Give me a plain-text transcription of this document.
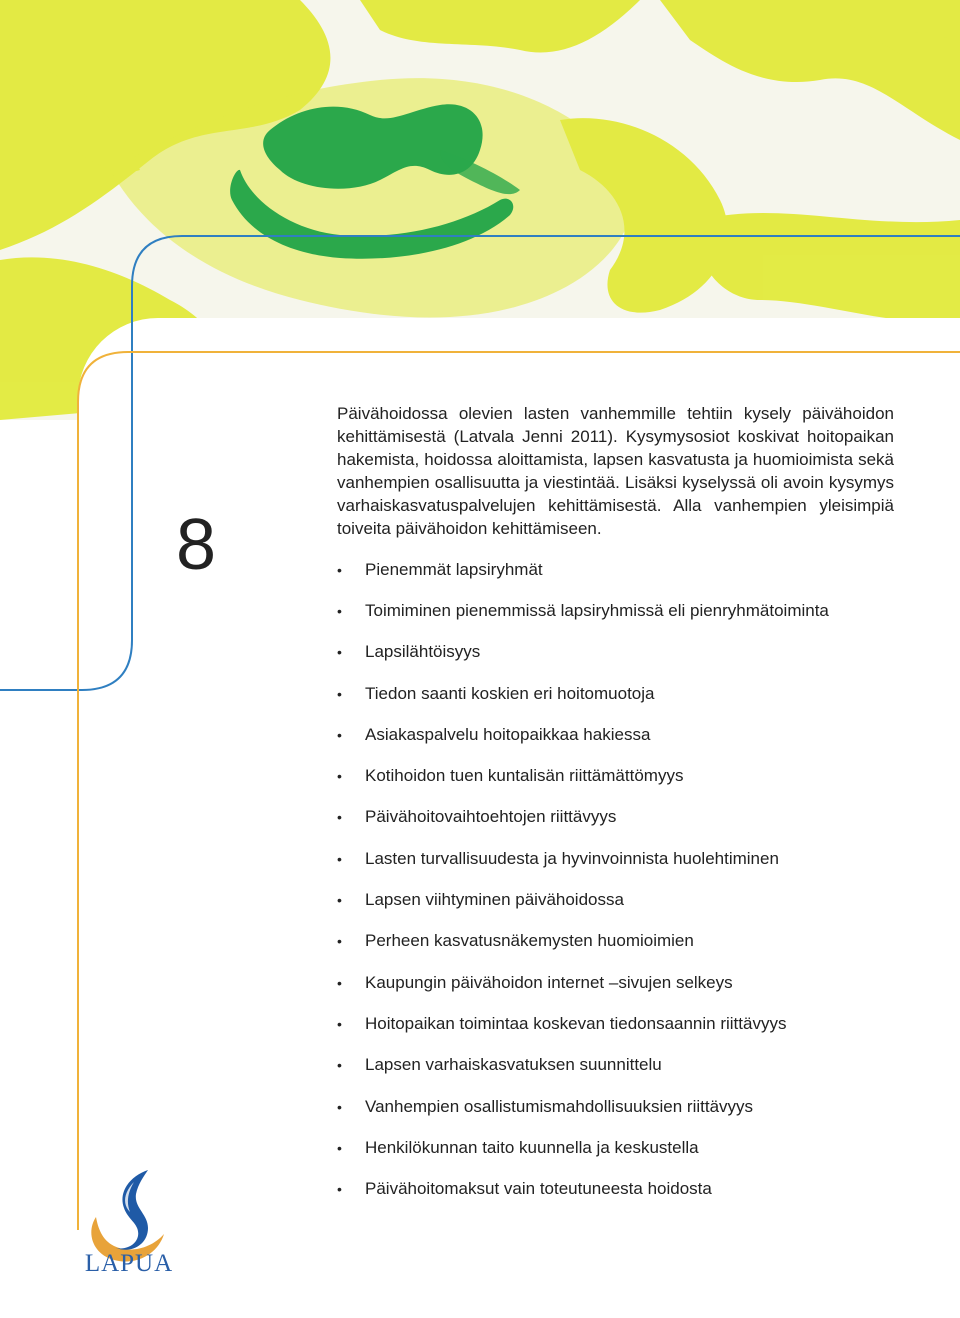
8

Päivähoidossa olevien lasten vanhemmille tehtiin kysely päivähoidon kehittämisestä (Latvala Jenni 2011). Kysymysosiot koskivat hoitopaikan hakemista, hoidossa aloittamista, lapsen kasvatusta ja huomioimista sekä vanhempien osallisuutta ja viestintää. Lisäksi kyselyssä oli avoin kysymys varhaiskasvatuspalvelujen kehittämisestä. Alla vanhempien yleisimpiä toiveita päivähoidon kehittämiseen.

•	Pienemmät lapsiryhmät
•	Toimiminen pienemmissä lapsiryhmissä eli pienryhmätoiminta
•	Lapsilähtöisyys
•	Tiedon saanti koskien eri hoitomuotoja
•	Asiakaspalvelu hoitopaikkaa hakiessa
•	Kotihoidon tuen kuntalisän riittämättömyys
•	Päivähoitovaihtoehtojen riittävyys
•	Lasten turvallisuudesta ja hyvinvoinnista huolehtiminen
•	Lapsen viihtyminen päivähoidossa
•	Perheen kasvatusnäkemysten huomioimien
•	Kaupungin päivähoidon internet –sivujen selkeys
•	Hoitopaikan toimintaa koskevan tiedonsaannin riittävyys
•	Lapsen varhaiskasvatuksen suunnittelu
•	Vanhempien osallistumismahdollisuuksien riittävyys
•	Henkilökunnan taito kuunnella ja keskustella
•	Päivähoitomaksut vain toteutuneesta hoidosta
LAPUA
